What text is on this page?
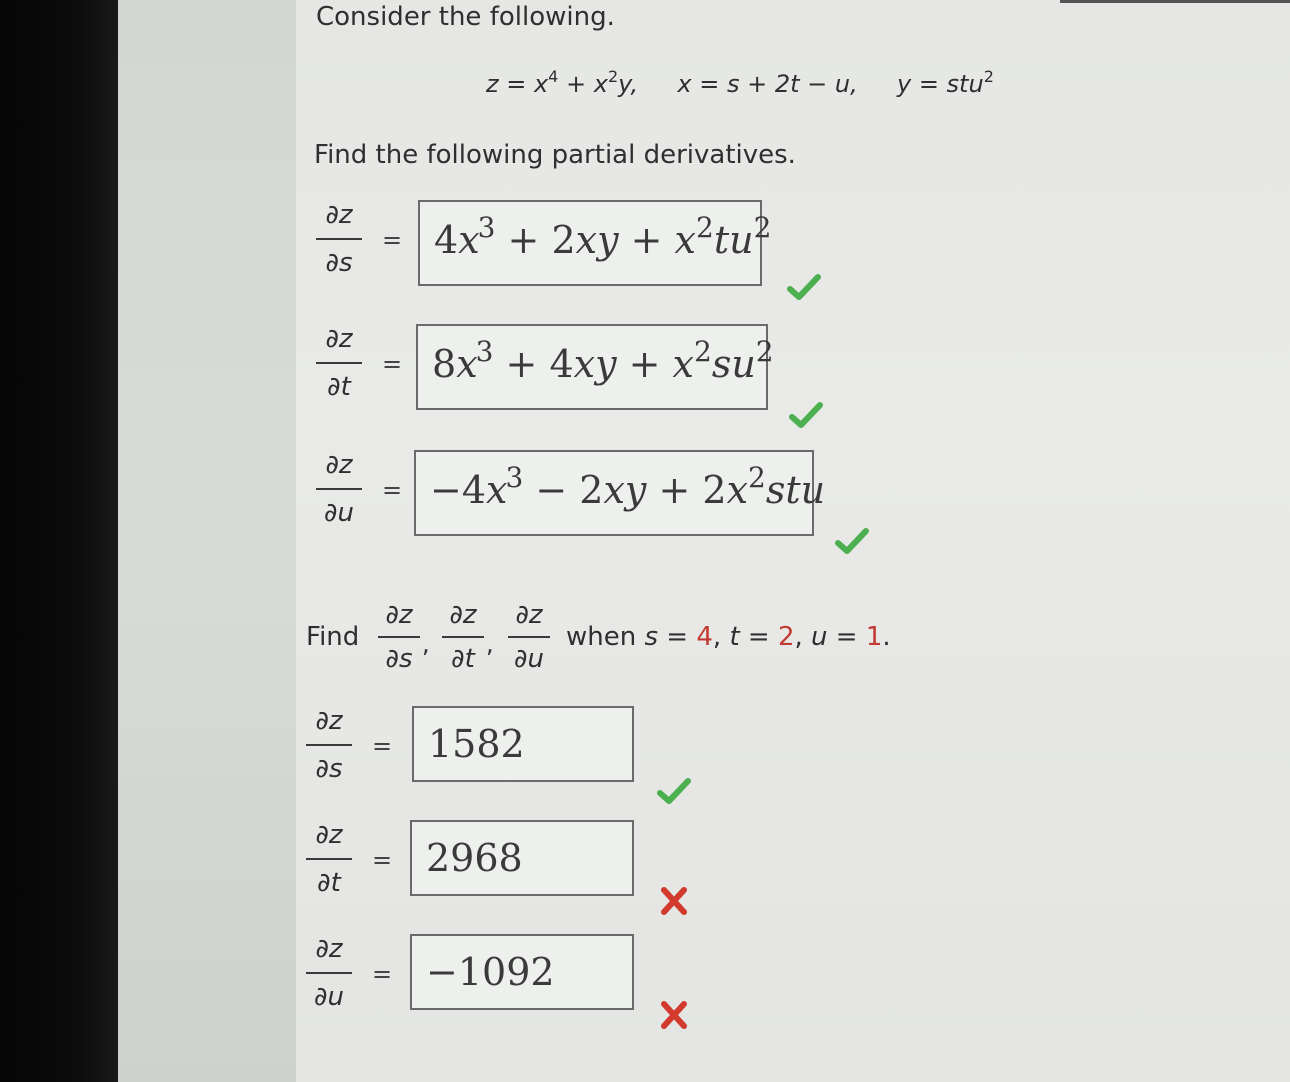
Consider the following.
$z = x^4 + x^2y$, x = s + 2t − u, y = stu$^2$
Find the following partial derivatives.
∂z
∂s
= $4x^3 + 2xy + x^2tu^2$
∂z
∂t
= $8x^3 + 4xy + x^2su^2$
∂z
∂u
= $-4x^3 - 2xy + 2x^2stu$
Find
∂z
∂s ,
∂z
∂t ,
∂z
∂u
when s = 4, t = 2, u = 1.
∂z
∂s
= 1582
∂z
∂t
= 2968
∂z
∂u
= −1092
